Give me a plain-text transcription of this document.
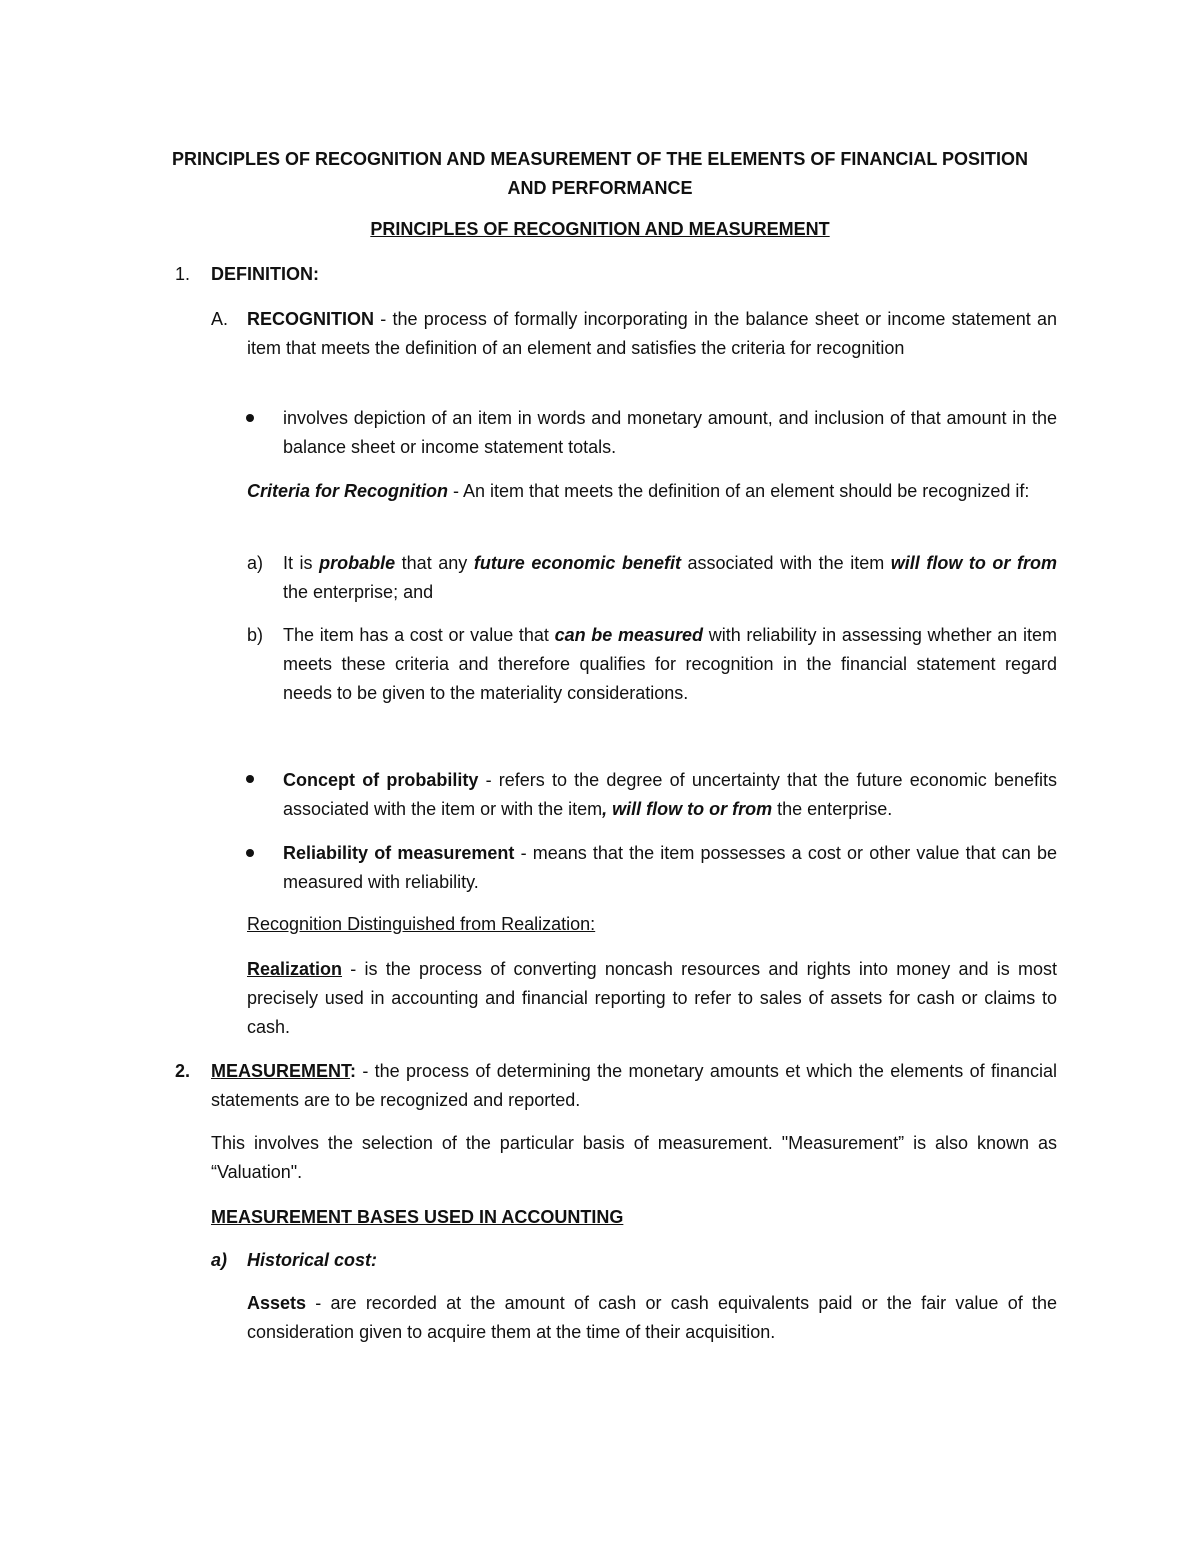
PRINCIPLES OF RECOGNITION AND MEASUREMENT OF THE ELEMENTS OF FINANCIAL POSITION
AND PERFORMANCE
PRINCIPLES OF RECOGNITION AND MEASUREMENT
1. DEFINITION:
A. RECOGNITION - the process of formally incorporating in the balance sheet or income statement an item that meets the definition of an element and satisfies the criteria for recognition
involves depiction of an item in words and monetary amount, and inclusion of that amount in the balance sheet or income statement totals.
Criteria for Recognition - An item that meets the definition of an element should be recognized if:
a) It is probable that any future economic benefit associated with the item will flow to or from the enterprise; and
b) The item has a cost or value that can be measured with reliability in assessing whether an item meets these criteria and therefore qualifies for recognition in the financial statement regard needs to be given to the materiality considerations.
Concept of probability - refers to the degree of uncertainty that the future economic benefits associated with the item or with the item, will flow to or from the enterprise.
Reliability of measurement - means that the item possesses a cost or other value that can be measured with reliability.
Recognition Distinguished from Realization:
Realization - is the process of converting noncash resources and rights into money and is most precisely used in accounting and financial reporting to refer to sales of assets for cash or claims to cash.
2. MEASUREMENT: - the process of determining the monetary amounts et which the elements of financial statements are to be recognized and reported.
This involves the selection of the particular basis of measurement. "Measurement” is also known as “Valuation".
MEASUREMENT BASES USED IN ACCOUNTING
a) Historical cost:
Assets - are recorded at the amount of cash or cash equivalents paid or the fair value of the consideration given to acquire them at the time of their acquisition.
